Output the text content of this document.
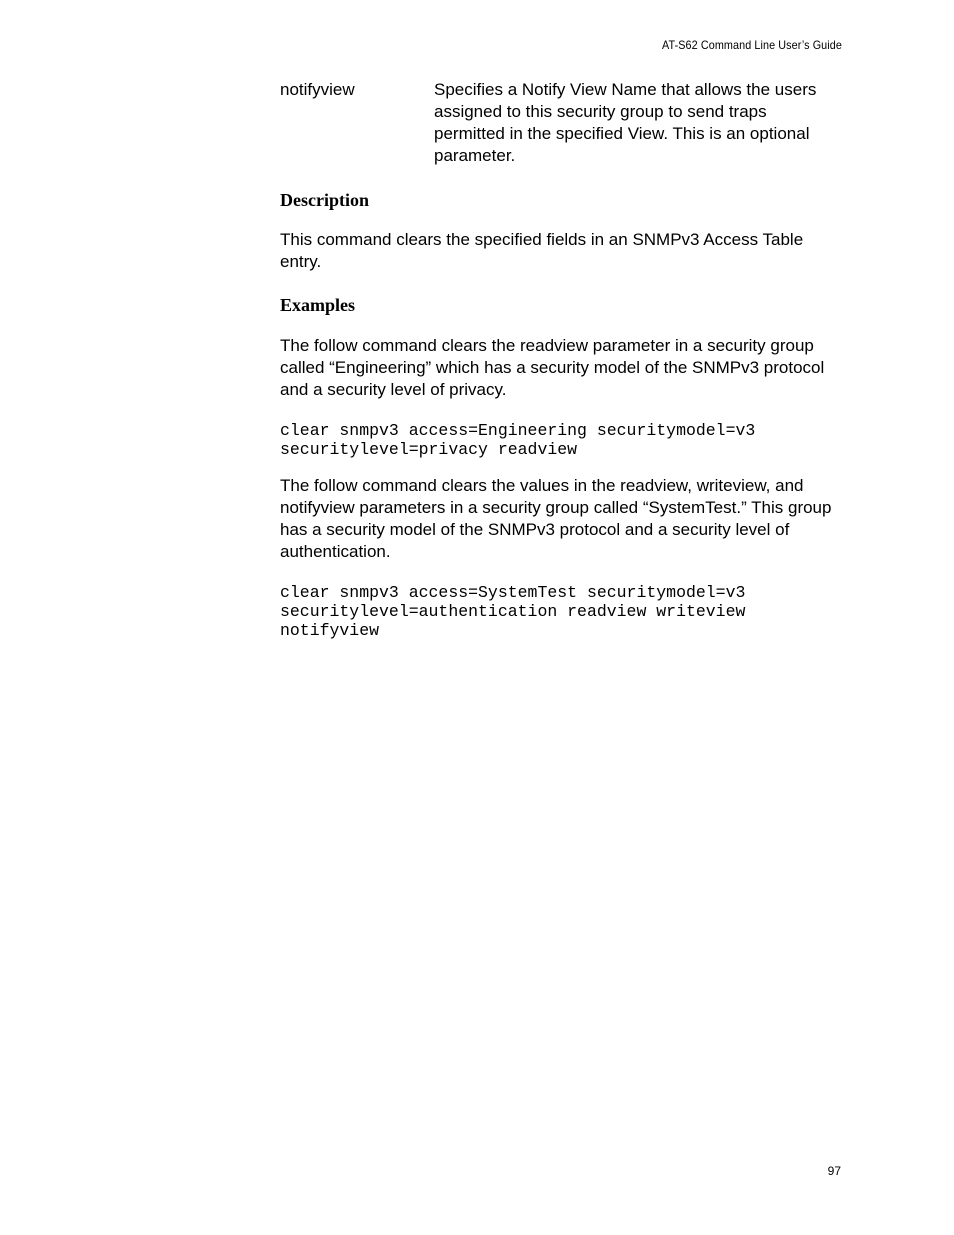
AT-S62 Command Line User’s Guide
notifyview	Specifies a Notify View Name that allows the users assigned to this security group to send traps permitted in the specified View. This is an optional parameter.
Description

This command clears the specified fields in an SNMPv3 Access Table entry.

Examples

The follow command clears the readview parameter in a security group called “Engineering” which has a security model of the SNMPv3 protocol and a security level of privacy.

clear snmpv3 access=Engineering securitymodel=v3
securitylevel=privacy readview

The follow command clears the values in the readview, writeview, and notifyview parameters in a security group called “SystemTest.” This group has a security model of the SNMPv3 protocol and a security level of authentication.

clear snmpv3 access=SystemTest securitymodel=v3
securitylevel=authentication readview writeview
notifyview
97
